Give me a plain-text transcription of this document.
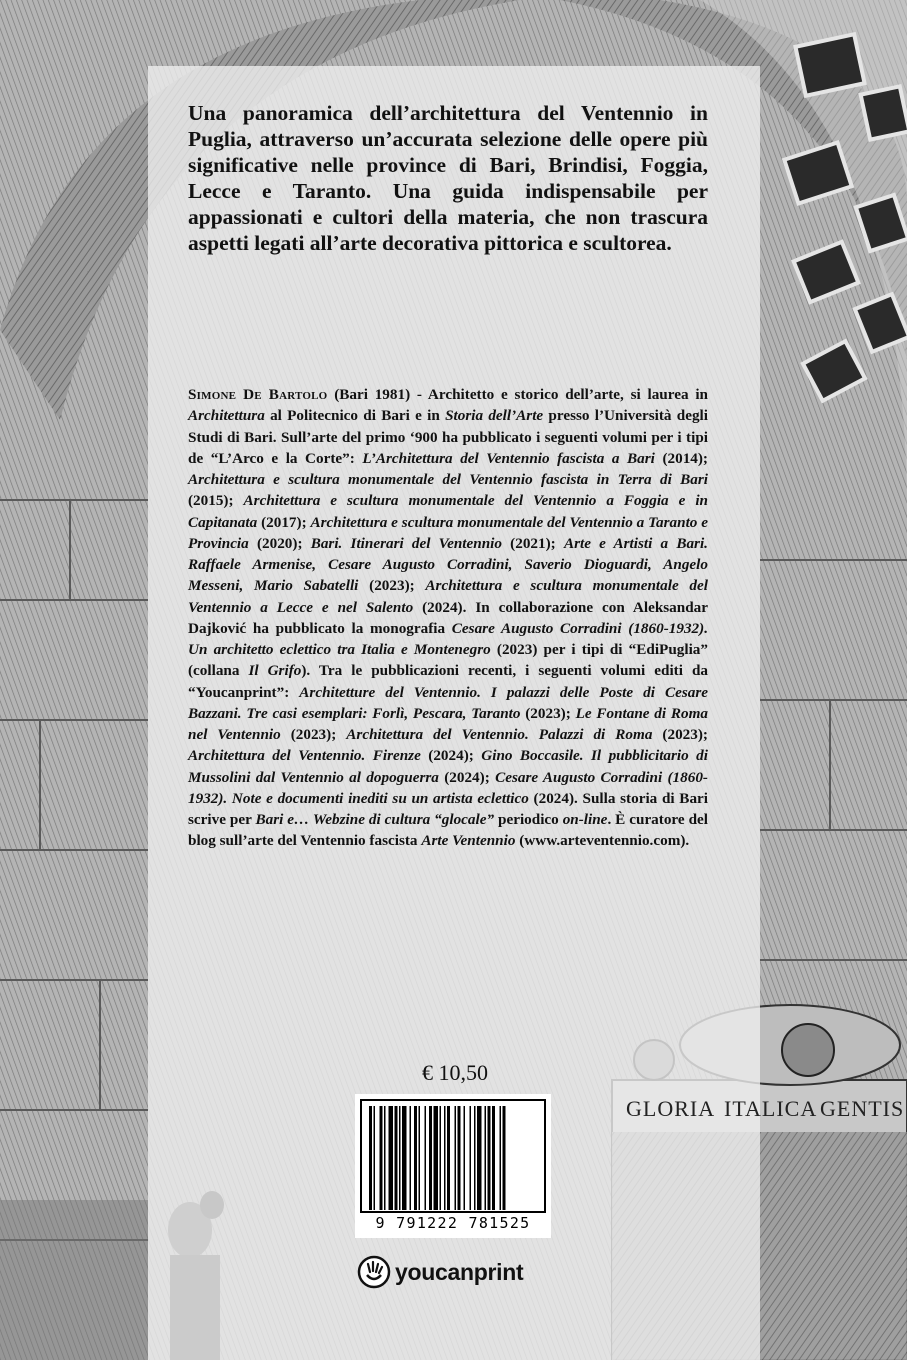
Una panoramica dell’architettura del Ventennio in Puglia, attraverso un’accurata selezione delle opere più significative nelle province di Bari, Brindisi, Foggia, Lecce e Taranto. Una guida indispensabile per appassionati e cultori della materia, che non trascura aspetti legati all’arte decorativa pittorica e scultorea.

Simone De Bartolo (Bari 1981) - Architetto e storico dell’arte, si laurea in Architettura al Politecnico di Bari e in Storia dell’Arte presso l’Università degli Studi di Bari. Sull’arte del primo ‘900 ha pubblicato i seguenti volumi per i tipi de “L’Arco e la Corte”: L’Architettura del Ventennio fascista a Bari (2014); Architettura e scultura monumentale del Ventennio fascista in Terra di Bari (2015); Architettura e scultura monumentale del Ventennio a Foggia e in Capitanata (2017); Architettura e scultura monumentale del Ventennio a Taranto e Provincia (2020); Bari. Itinerari del Ventennio (2021); Arte e Artisti a Bari. Raffaele Armenise, Cesare Augusto Corradini, Saverio Dioguardi, Angelo Messeni, Mario Sabatelli (2023); Architettura e scultura monumentale del Ventennio a Lecce e nel Salento (2024). In collaborazione con Aleksandar Dajković ha pubblicato la monografia Cesare Augusto Corradini (1860-1932). Un architetto eclettico tra Italia e Montenegro (2023) per i tipi di “EdiPuglia” (collana Il Grifo). Tra le pubblicazioni recenti, i seguenti volumi editi da “Youcanprint”: Architetture del Ventennio. I palazzi delle Poste di Cesare Bazzani. Tre casi esemplari: Forlì, Pescara, Taranto (2023); Le Fontane di Roma nel Ventennio (2023); Architettura del Ventennio. Palazzi di Roma (2023); Architettura del Ventennio. Firenze (2024); Gino Boccasile. Il pubblicitario di Mussolini dal Ventennio al dopoguerra (2024); Cesare Augusto Corradini (1860-1932). Note e documenti inediti su un artista eclettico (2024). Sulla storia di Bari scrive per Bari e… Webzine di cultura “glocale” periodico on-line. È curatore del blog sull’arte del Ventennio fascista Arte Ventennio (www.arteventennio.com).

€ 10,50
9 791222 781525
youcanprint
GLORIA ITALICA GENTIS
